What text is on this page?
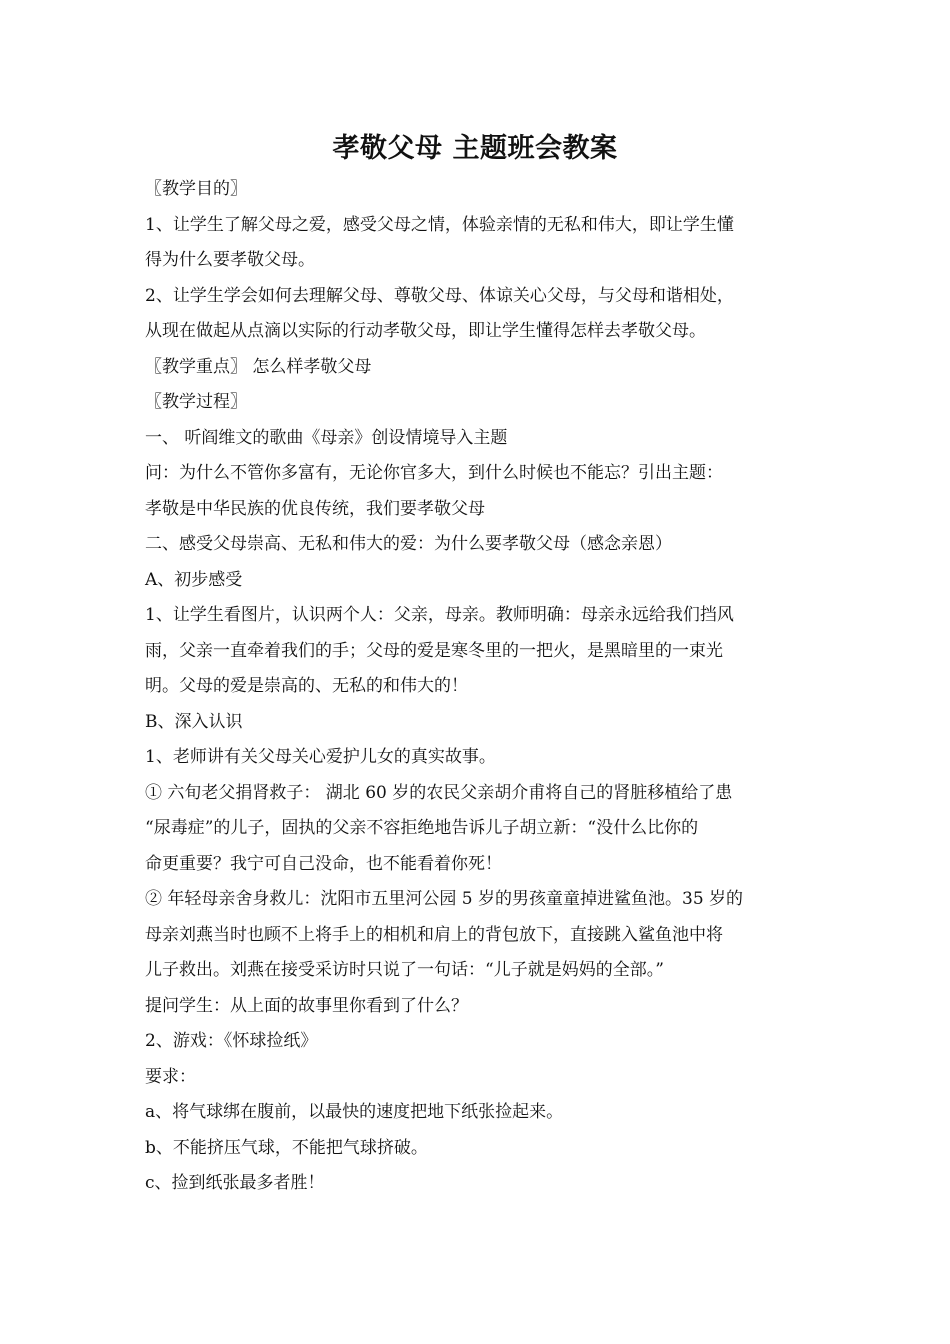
孝敬父母 主题班会教案

〖教学目的〗

1、让学生了解父母之爱，感受父母之情，体验亲情的无私和伟大，即让学生懂

得为什么要孝敬父母。

2、让学生学会如何去理解父母、尊敬父母、体谅关心父母，与父母和谐相处，

从现在做起从点滴以实际的行动孝敬父母，即让学生懂得怎样去孝敬父母。

〖教学重点〗 怎么样孝敬父母

〖教学过程〗

一、 听阎维文的歌曲《母亲》创设情境导入主题

问：为什么不管你多富有，无论你官多大，到什么时候也不能忘？引出主题：

孝敬是中华民族的优良传统，我们要孝敬父母

二、感受父母崇高、无私和伟大的爱：为什么要孝敬父母（感念亲恩）

A、初步感受

1、让学生看图片，认识两个人：父亲，母亲。教师明确：母亲永远给我们挡风

雨，父亲一直牵着我们的手；父母的爱是寒冬里的一把火，是黑暗里的一束光

明。父母的爱是崇高的、无私的和伟大的！

B、深入认识

1、老师讲有关父母关心爱护儿女的真实故事。

① 六旬老父捐肾救子： 湖北 60 岁的农民父亲胡介甫将自己的肾脏移植给了患

“尿毒症”的儿子，固执的父亲不容拒绝地告诉儿子胡立新：“没什么比你的

命更重要？我宁可自己没命，也不能看着你死！

② 年轻母亲舍身救儿：沈阳市五里河公园 5 岁的男孩童童掉进鲨鱼池。35 岁的

母亲刘燕当时也顾不上将手上的相机和肩上的背包放下，直接跳入鲨鱼池中将

儿子救出。刘燕在接受采访时只说了一句话：“儿子就是妈妈的全部。”

提问学生：从上面的故事里你看到了什么？

2、游戏：《怀球捡纸》

要求：

a、将气球绑在腹前，以最快的速度把地下纸张捡起来。

b、不能挤压气球，不能把气球挤破。

c、捡到纸张最多者胜！
